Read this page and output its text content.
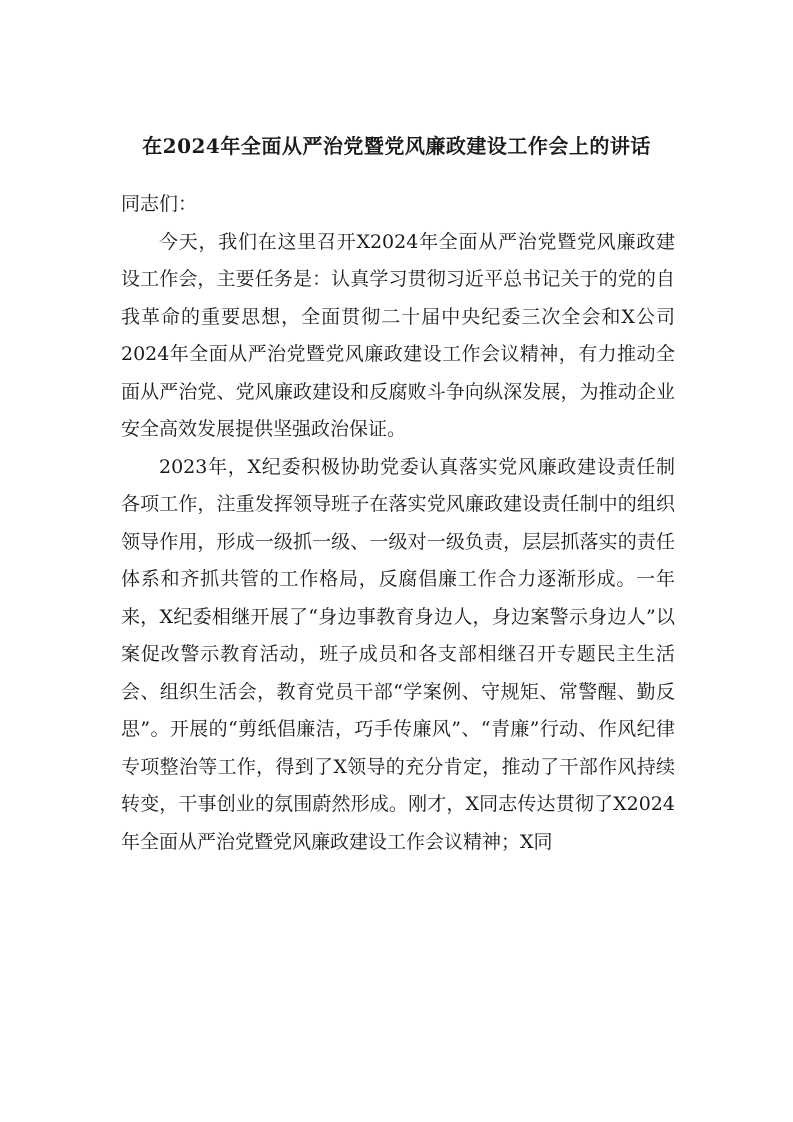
在2024年全面从严治党暨党风廉政建设工作会上的讲话

同志们：

今天，我们在这里召开X2024年全面从严治党暨党风廉政建设工作会，主要任务是：认真学习贯彻习近平总书记关于的党的自我革命的重要思想，全面贯彻二十届中央纪委三次全会和X公司2024年全面从严治党暨党风廉政建设工作会议精神，有力推动全面从严治党、党风廉政建设和反腐败斗争向纵深发展，为推动企业安全高效发展提供坚强政治保证。

2023年，X纪委积极协助党委认真落实党风廉政建设责任制各项工作，注重发挥领导班子在落实党风廉政建设责任制中的组织领导作用，形成一级抓一级、一级对一级负责，层层抓落实的责任体系和齐抓共管的工作格局，反腐倡廉工作合力逐渐形成。一年来，X纪委相继开展了“身边事教育身边人，身边案警示身边人”以案促改警示教育活动，班子成员和各支部相继召开专题民主生活会、组织生活会，教育党员干部“学案例、守规矩、常警醒、勤反思”。开展的“剪纸倡廉洁，巧手传廉风”、“青廉”行动、作风纪律专项整治等工作，得到了X领导的充分肯定，推动了干部作风持续转变，干事创业的氛围蔚然形成。刚才，X同志传达贯彻了X2024年全面从严治党暨党风廉政建设工作会议精神；X同
